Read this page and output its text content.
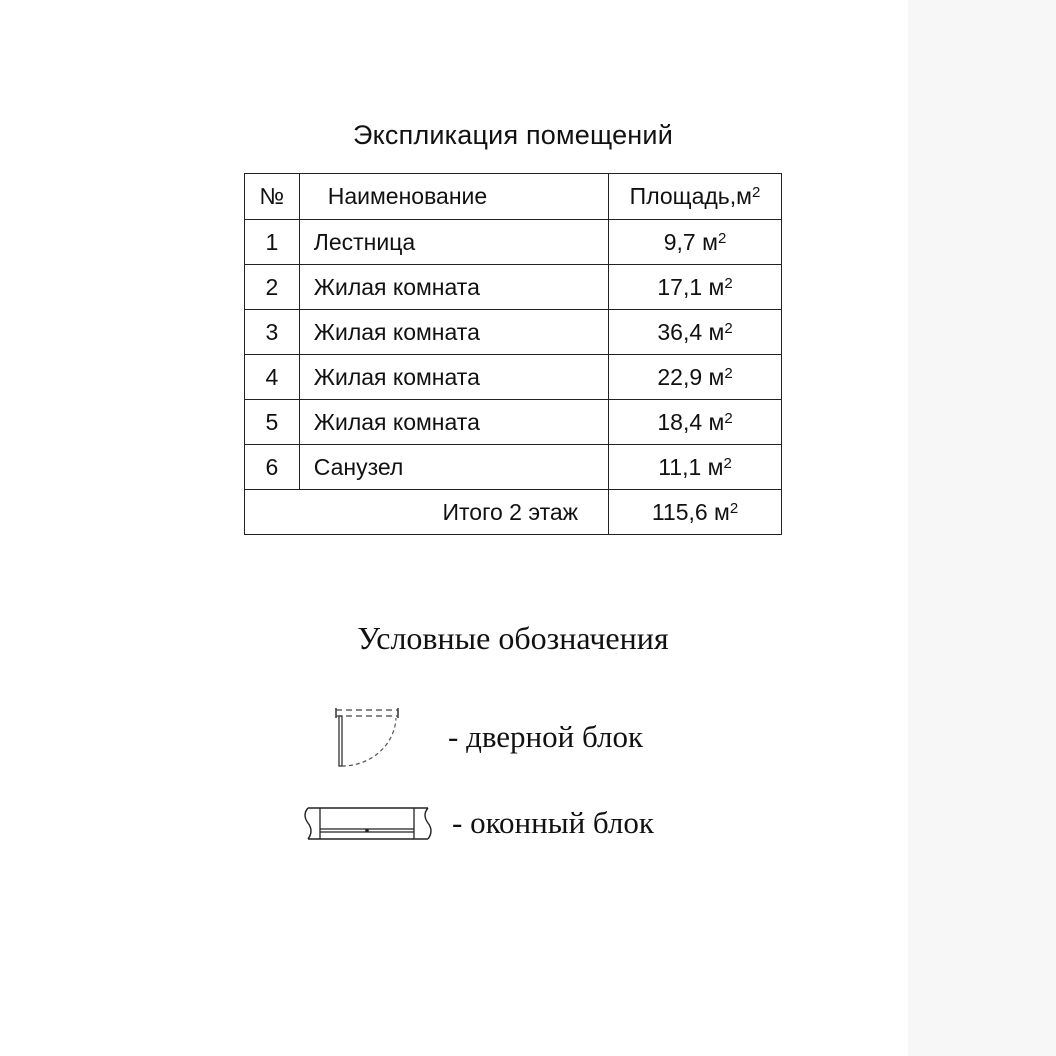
Экспликация помещений
№	Наименование	$Площадь,м^2$
1	Лестница	9,7 $м^2$
2	Жилая комната	17,1 $м^2$
3	Жилая комната	36,4 $м^2$
4	Жилая комната	22,9 $м^2$
5	Жилая комната	18,4 $м^2$
6	Санузел	11,1 $м^2$
Итого 2 этаж		115,6 $м^2$
Условные обозначения
- дверной блок
- оконный блок
